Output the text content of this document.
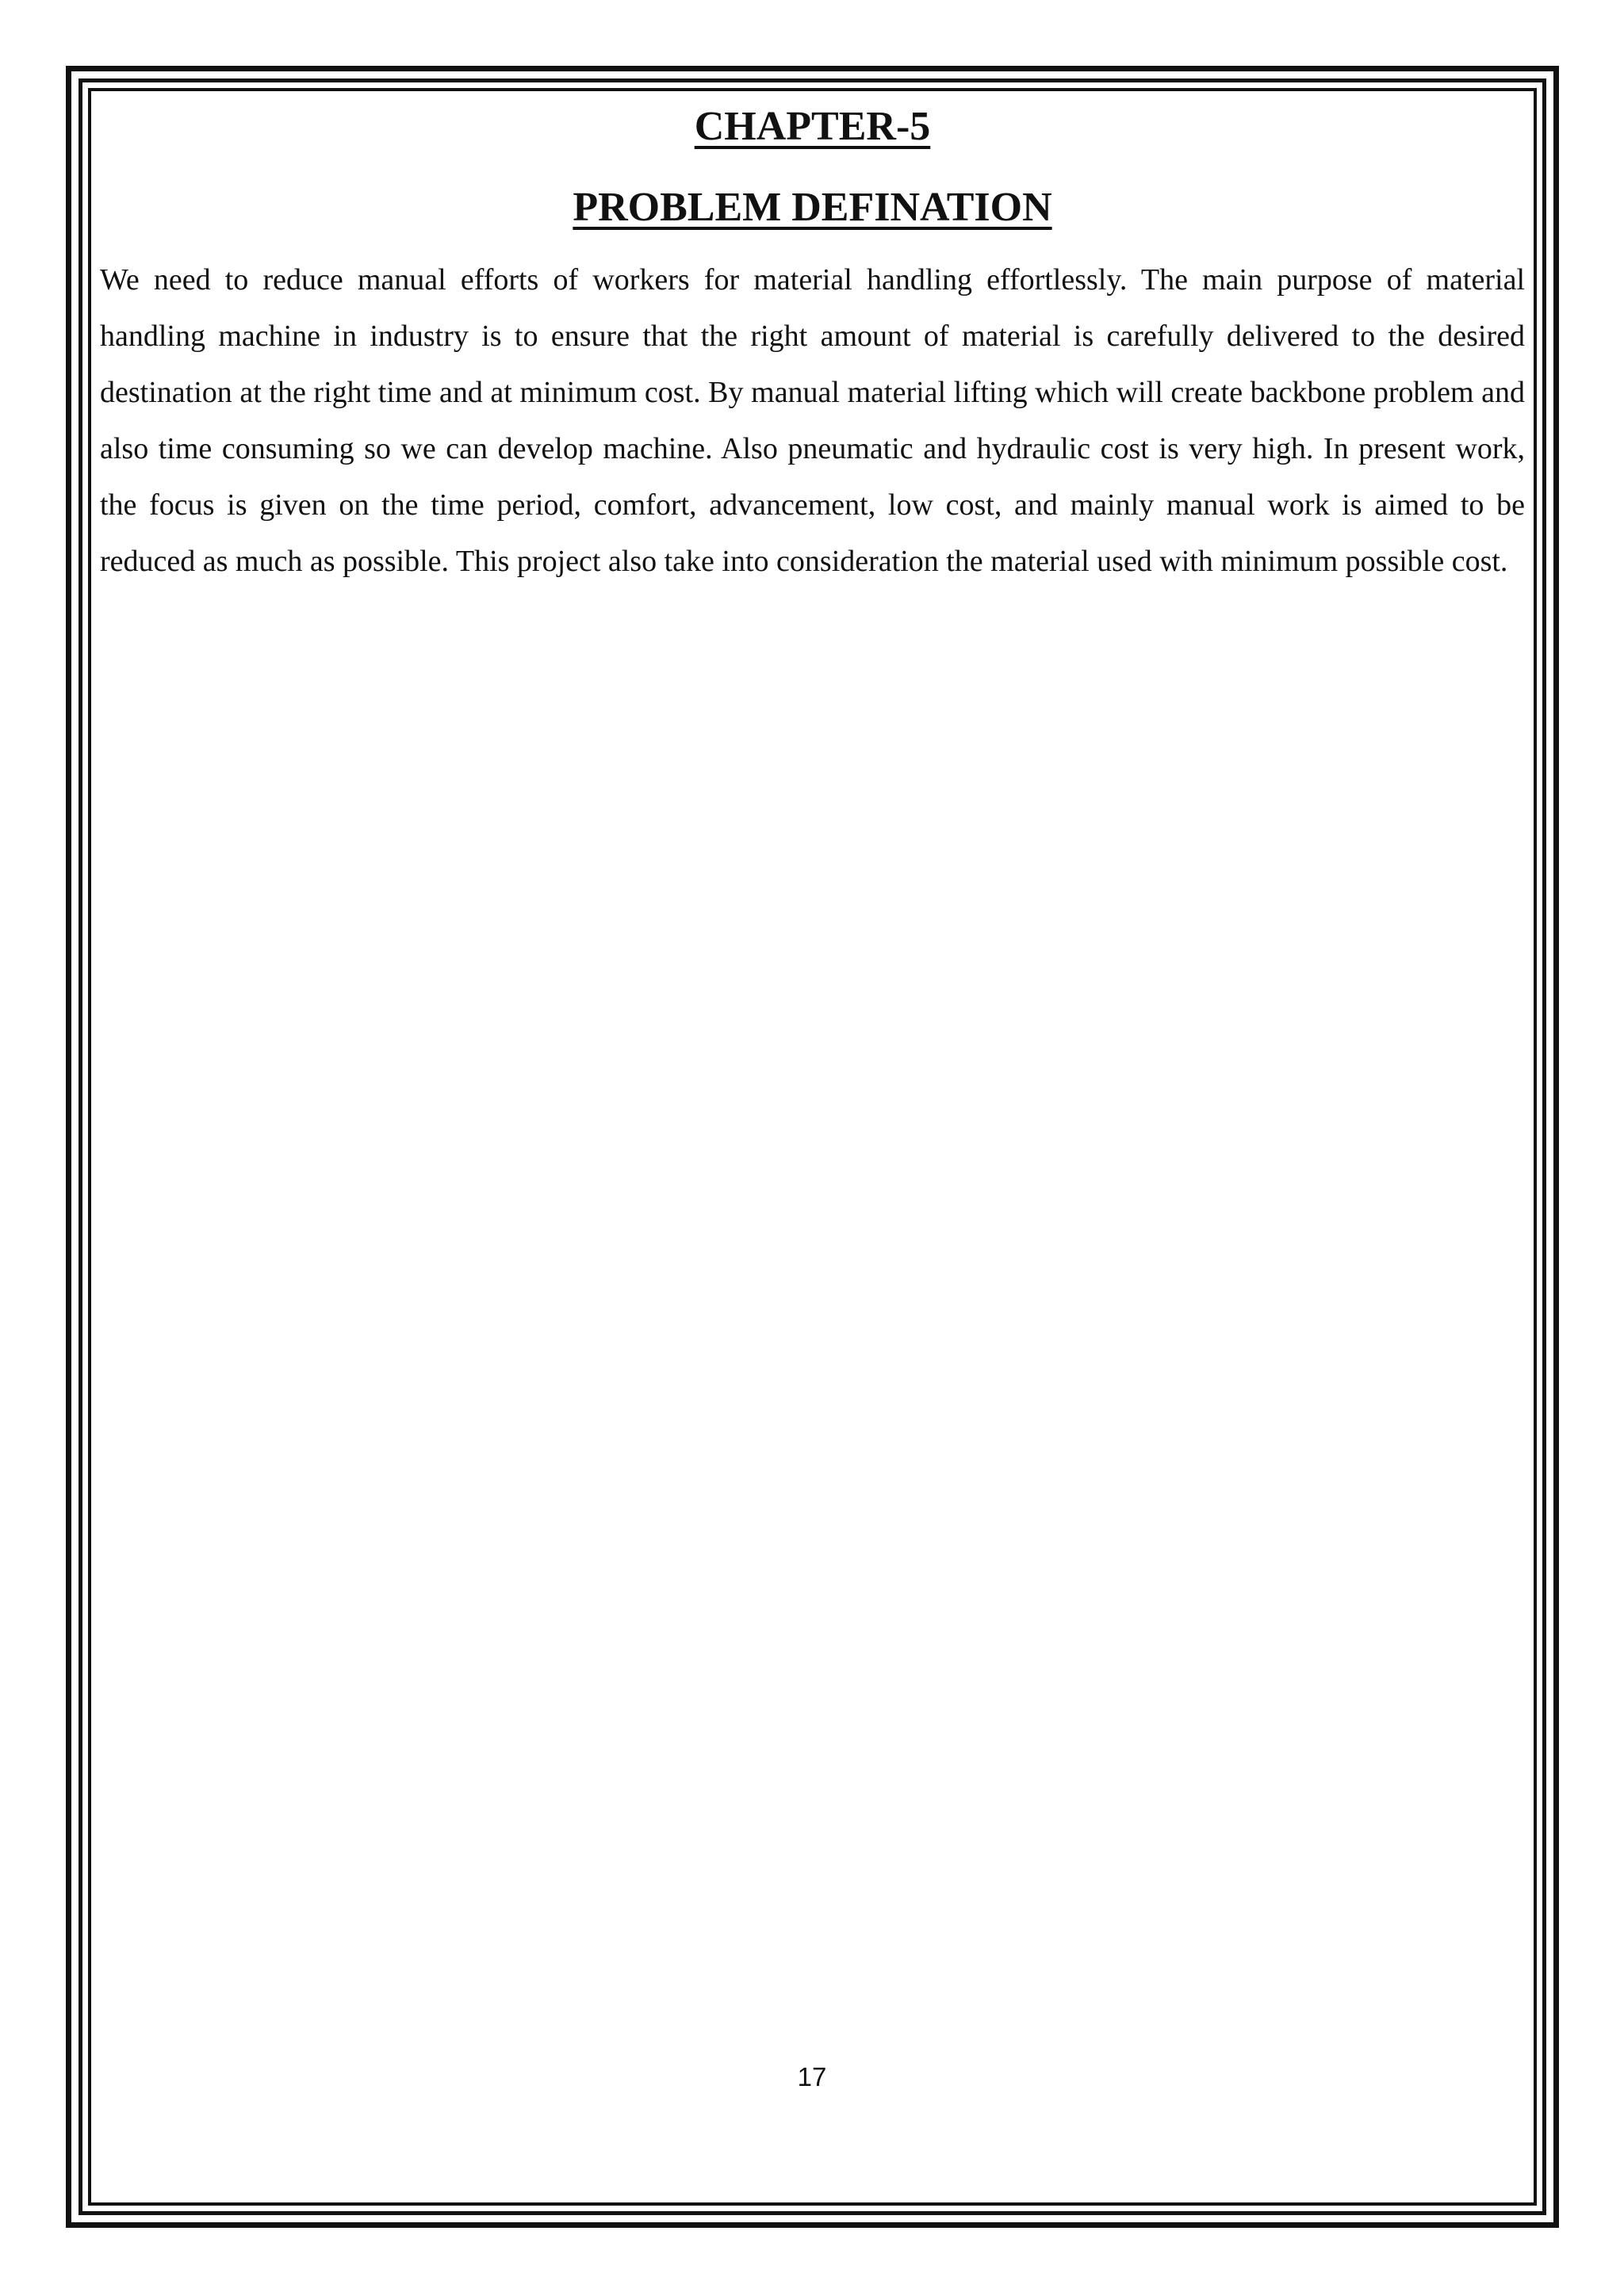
CHAPTER-5
PROBLEM DEFINATION

We need to reduce manual efforts of workers for material handling effortlessly. The main purpose of material handling machine in industry is to ensure that the right amount of material is carefully delivered to the desired destination at the right time and at minimum cost. By manual material lifting which will create backbone problem and also time consuming so we can develop machine. Also pneumatic and hydraulic cost is very high. In present work, the focus is given on the time period, comfort, advancement, low cost, and mainly manual work is aimed to be reduced as much as possible. This project also take into consideration the material used with minimum possible cost.

17
